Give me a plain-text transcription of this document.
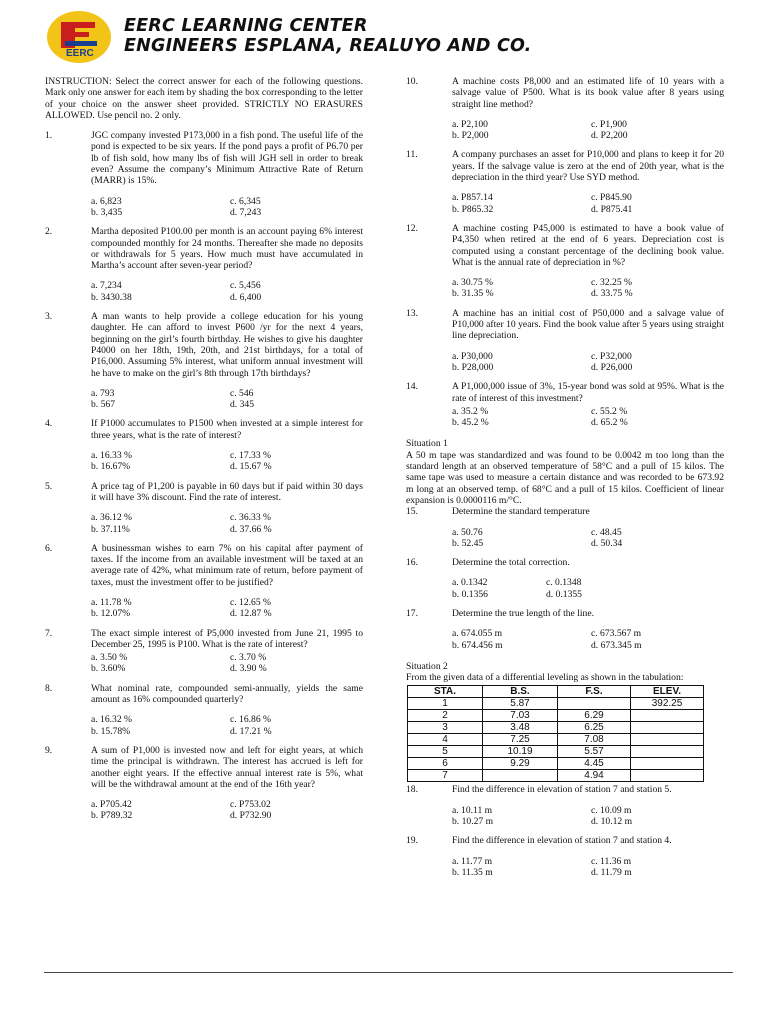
EERC
EERC LEARNING CENTER
ENGINEERS ESPLANA, REALUYO AND CO.
INSTRUCTION: Select the correct answer for each of the following questions. Mark only one answer for each item by shading the box corresponding to the letter of your choice on the answer sheet provided. STRICTLY NO ERASURES ALLOWED. Use pencil no. 2 only.
1.	JGC company invested P173,000 in a fish pond. The useful life of the pond is expected to be six years. If the pond pays a profit of P6.70 per lb of fish sold, how many lbs of fish will JGH sell in order to break even? Assume the company’s Minimum Attractive Rate of Return (MARR) is 15%.
a. 6,823	c. 6,345
b. 3,435	d. 7,243
2.	Martha deposited P100.00 per month is an account paying 6% interest compounded monthly for 24 months. Thereafter she made no deposits or withdrawals for 5 years. How much must have accumulated in Martha’s account after seven-year period?
a. 7,234	c. 5,456
b. 3430.38	d. 6,400
3.	A man wants to help provide a college education for his young daughter. He can afford to invest P600 /yr for the next 4 years, beginning on the girl’s fourth birthday. He wishes to give his daughter P4000 on her 18th, 19th, 20th, and 21st birthdays, for a total of P16,000. Assuming 5% interest, what uniform annual investment will he have to make on the girl’s 8th through 17th birthdays?
a. 793	c. 546
b. 567	d. 345
4.	If P1000 accumulates to P1500 when invested at a simple interest for three years, what is the rate of interest?
a. 16.33 %	c. 17.33 %
b. 16.67%	d. 15.67 %
5.	A price tag of P1,200 is payable in 60 days but if paid within 30 days it will have 3% discount. Find the rate of interest.
a. 36.12 %	c. 36.33 %
b. 37.11%	d. 37.66 %
6.	A businessman wishes to earn 7% on his capital after payment of taxes. If the income from an available investment will be taxed at an average rate of 42%, what minimum rate of return, before payment of taxes, must the investment offer to be justified?
a. 11.78 %	c. 12.65 %
b. 12.07%	d. 12.87 %
7.	The exact simple interest of P5,000 invested from June 21, 1995 to December 25, 1995 is P100. What is the rate of interest?
a. 3.50 %	c. 3.70 %
b. 3.60%	d. 3.90 %
8.	What nominal rate, compounded semi-annually, yields the same amount as 16% compounded quarterly?
a. 16.32 %	c. 16.86 %
b. 15.78%	d. 17.21 %
9.	A sum of P1,000 is invested now and left for eight years, at which time the principal is withdrawn. The interest has accrued is left for another eight years. If the effective annual interest rate is 5%, what will be the withdrawal amount at the end of the 16th year?
a. P705.42	c. P753.02
b. P789.32	d. P732.90
10.	A machine costs P8,000 and an estimated life of 10 years with a salvage value of P500. What is its book value after 8 years using straight line method?
a. P2,100	c. P1,900
b. P2,000	d. P2,200
11.	A company purchases an asset for P10,000 and plans to keep it for 20 years. If the salvage value is zero at the end of 20th year, what is the depreciation in the third year? Use SYD method.
a. P857.14	c. P845.90
b. P865.32	d. P875.41
12.	A machine costing P45,000 is estimated to have a book value of P4,350 when retired at the end of 6 years. Depreciation cost is computed using a constant percentage of the declining book value. What is the annual rate of depreciation in %?
a. 30.75 %	c. 32.25 %
b. 31.35 %	d. 33.75 %
13.	A machine has an initial cost of P50,000 and a salvage value of P10,000 after 10 years. Find the book value after 5 years using straight line depreciation.
a. P30,000	c. P32,000
b. P28,000	d. P26,000
14.	A P1,000,000 issue of 3%, 15-year bond was sold at 95%. What is the rate of interest of this investment?
a. 35.2 %	c. 55.2 %
b. 45.2 %	d. 65.2 %
Situation 1
A 50 m tape was standardized and was found to be 0.0042 m too long than the standard length at an observed temperature of 58°C and a pull of 15 kilos. The same tape was used to measure a certain distance and was recorded to be 673.92 m long at an observed temp. of 68°C and a pull of 15 kilos. Coefficient of linear expansion is 0.0000116 m/°C.
15.	Determine the standard temperature
a. 50.76	c. 48.45
b. 52.45	d. 50.34
16.	Determine the total correction.
a. 0.1342	c. 0.1348
b. 0.1356	d. 0.1355
17.	Determine the true length of the line.
a. 674.055 m	c. 673.567 m
b. 674.456 m	d. 673.345 m
Situation 2
From the given data of a differential leveling as shown in the tabulation:
STA.	B.S.	F.S.	ELEV.
1	5.87		392.25
2	7.03	6.29	
3	3.48	6.25	
4	7.25	7.08	
5	10.19	5.57	
6	9.29	4.45	
7		4.94	
18.	Find the difference in elevation of station 7 and station 5.
a. 10.11 m	c. 10.09 m
b. 10.27 m	d. 10.12 m
19.	Find the difference in elevation of station 7 and station 4.
a. 11.77 m	c. 11.36 m
b. 11.35 m	d. 11.79 m
